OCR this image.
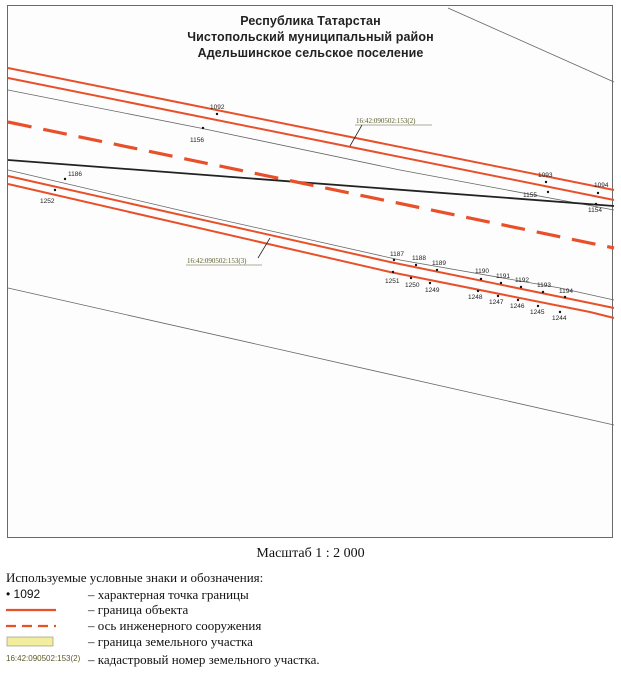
16:42:090502:153(2)
16:42:090502:153(3)
1092
1156
1093
1094
1155
1154
1186
1252
1187
1188
1189
1251
1250
1249
1190
1191
1192
1193
1194
1248
1247
1246
1245
1244
Республика Татарстан
Чистопольский муниципальный район
Адельшинское сельское поселение
Масштаб 1 : 2 000
Используемые условные знаки и обозначения:
• 1092	– характерная точка границы
– граница объекта
– ось инженерного сооружения
– граница земельного участка
16:42:090502:153(2) – кадастровый номер земельного участка.
